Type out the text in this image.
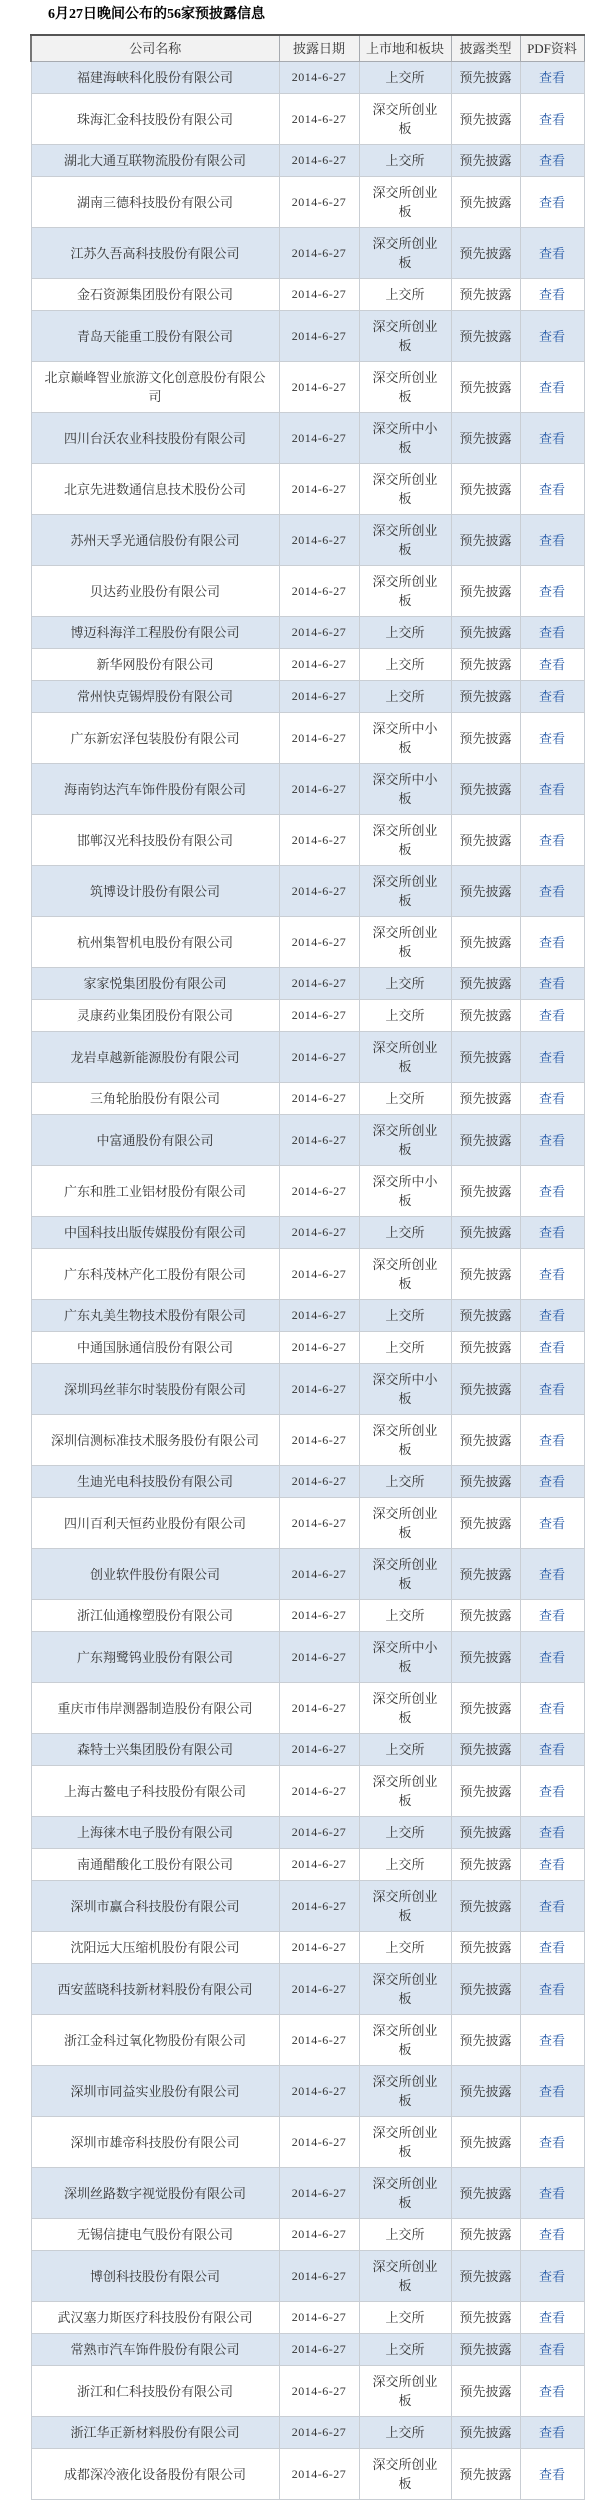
6月27日晚间公布的56家预披露信息
公司名称	披露日期	上市地和板块	披露类型	PDF资料
福建海峡科化股份有限公司	2014-6-27	上交所	预先披露	查看
珠海汇金科技股份有限公司	2014-6-27	深交所创业板	预先披露	查看
湖北大通互联物流股份有限公司	2014-6-27	上交所	预先披露	查看
湖南三德科技股份有限公司	2014-6-27	深交所创业板	预先披露	查看
江苏久吾高科技股份有限公司	2014-6-27	深交所创业板	预先披露	查看
金石资源集团股份有限公司	2014-6-27	上交所	预先披露	查看
青岛天能重工股份有限公司	2014-6-27	深交所创业板	预先披露	查看
北京巅峰智业旅游文化创意股份有限公司	2014-6-27	深交所创业板	预先披露	查看
四川台沃农业科技股份有限公司	2014-6-27	深交所中小板	预先披露	查看
北京先进数通信息技术股份公司	2014-6-27	深交所创业板	预先披露	查看
苏州天孚光通信股份有限公司	2014-6-27	深交所创业板	预先披露	查看
贝达药业股份有限公司	2014-6-27	深交所创业板	预先披露	查看
博迈科海洋工程股份有限公司	2014-6-27	上交所	预先披露	查看
新华网股份有限公司	2014-6-27	上交所	预先披露	查看
常州快克锡焊股份有限公司	2014-6-27	上交所	预先披露	查看
广东新宏泽包装股份有限公司	2014-6-27	深交所中小板	预先披露	查看
海南钧达汽车饰件股份有限公司	2014-6-27	深交所中小板	预先披露	查看
邯郸汉光科技股份有限公司	2014-6-27	深交所创业板	预先披露	查看
筑博设计股份有限公司	2014-6-27	深交所创业板	预先披露	查看
杭州集智机电股份有限公司	2014-6-27	深交所创业板	预先披露	查看
家家悦集团股份有限公司	2014-6-27	上交所	预先披露	查看
灵康药业集团股份有限公司	2014-6-27	上交所	预先披露	查看
龙岩卓越新能源股份有限公司	2014-6-27	深交所创业板	预先披露	查看
三角轮胎股份有限公司	2014-6-27	上交所	预先披露	查看
中富通股份有限公司	2014-6-27	深交所创业板	预先披露	查看
广东和胜工业铝材股份有限公司	2014-6-27	深交所中小板	预先披露	查看
中国科技出版传媒股份有限公司	2014-6-27	上交所	预先披露	查看
广东科茂林产化工股份有限公司	2014-6-27	深交所创业板	预先披露	查看
广东丸美生物技术股份有限公司	2014-6-27	上交所	预先披露	查看
中通国脉通信股份有限公司	2014-6-27	上交所	预先披露	查看
深圳玛丝菲尔时装股份有限公司	2014-6-27	深交所中小板	预先披露	查看
深圳信测标准技术服务股份有限公司	2014-6-27	深交所创业板	预先披露	查看
生迪光电科技股份有限公司	2014-6-27	上交所	预先披露	查看
四川百利天恒药业股份有限公司	2014-6-27	深交所创业板	预先披露	查看
创业软件股份有限公司	2014-6-27	深交所创业板	预先披露	查看
浙江仙通橡塑股份有限公司	2014-6-27	上交所	预先披露	查看
广东翔鹭钨业股份有限公司	2014-6-27	深交所中小板	预先披露	查看
重庆市伟岸测器制造股份有限公司	2014-6-27	深交所创业板	预先披露	查看
森特士兴集团股份有限公司	2014-6-27	上交所	预先披露	查看
上海古鳌电子科技股份有限公司	2014-6-27	深交所创业板	预先披露	查看
上海徕木电子股份有限公司	2014-6-27	上交所	预先披露	查看
南通醋酸化工股份有限公司	2014-6-27	上交所	预先披露	查看
深圳市赢合科技股份有限公司	2014-6-27	深交所创业板	预先披露	查看
沈阳远大压缩机股份有限公司	2014-6-27	上交所	预先披露	查看
西安蓝晓科技新材料股份有限公司	2014-6-27	深交所创业板	预先披露	查看
浙江金科过氧化物股份有限公司	2014-6-27	深交所创业板	预先披露	查看
深圳市同益实业股份有限公司	2014-6-27	深交所创业板	预先披露	查看
深圳市雄帝科技股份有限公司	2014-6-27	深交所创业板	预先披露	查看
深圳丝路数字视觉股份有限公司	2014-6-27	深交所创业板	预先披露	查看
无锡信捷电气股份有限公司	2014-6-27	上交所	预先披露	查看
博创科技股份有限公司	2014-6-27	深交所创业板	预先披露	查看
武汉塞力斯医疗科技股份有限公司	2014-6-27	上交所	预先披露	查看
常熟市汽车饰件股份有限公司	2014-6-27	上交所	预先披露	查看
浙江和仁科技股份有限公司	2014-6-27	深交所创业板	预先披露	查看
浙江华正新材料股份有限公司	2014-6-27	上交所	预先披露	查看
成都深冷液化设备股份有限公司	2014-6-27	深交所创业板	预先披露	查看
